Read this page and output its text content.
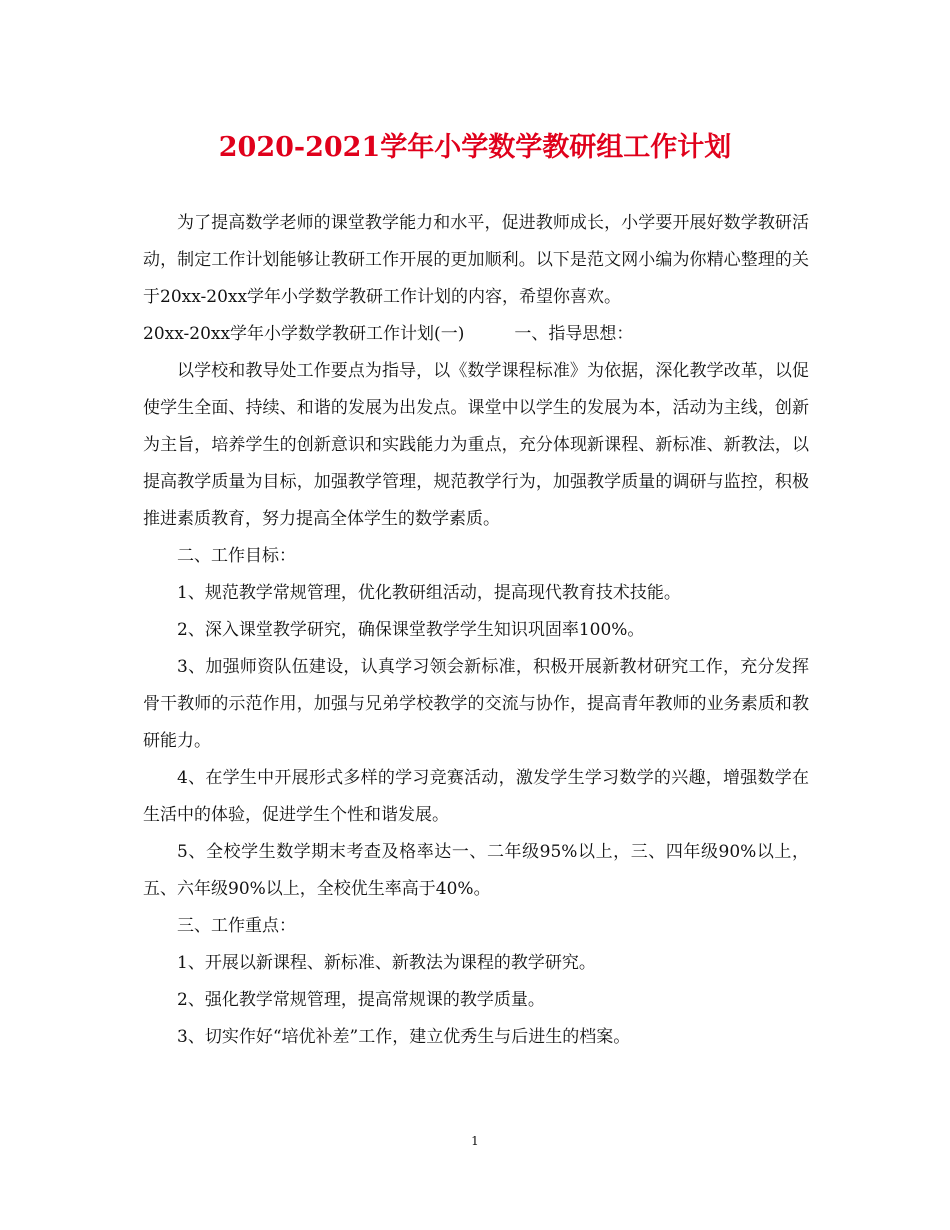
2020-2021学年小学数学教研组工作计划

为了提高数学老师的课堂教学能力和水平，促进教师成长，小学要开展好数学教研活动，制定工作计划能够让教研工作开展的更加顺利。以下是范文网小编为你精心整理的关于20xx-20xx学年小学数学教研工作计划的内容，希望你喜欢。

20xx-20xx学年小学数学教研工作计划(一)	一、指导思想：

以学校和教导处工作要点为指导，以《数学课程标准》为依据，深化教学改革，以促使学生全面、持续、和谐的发展为出发点。课堂中以学生的发展为本，活动为主线，创新为主旨，培养学生的创新意识和实践能力为重点，充分体现新课程、新标准、新教法，以提高教学质量为目标，加强教学管理，规范教学行为，加强教学质量的调研与监控，积极推进素质教育，努力提高全体学生的数学素质。

二、工作目标：

1、规范教学常规管理，优化教研组活动，提高现代教育技术技能。

2、深入课堂教学研究，确保课堂教学学生知识巩固率100%。

3、加强师资队伍建设，认真学习领会新标准，积极开展新教材研究工作，充分发挥骨干教师的示范作用，加强与兄弟学校教学的交流与协作，提高青年教师的业务素质和教研能力。

4、在学生中开展形式多样的学习竞赛活动，激发学生学习数学的兴趣，增强数学在生活中的体验，促进学生个性和谐发展。

5、全校学生数学期末考查及格率达一、二年级95%以上，三、四年级90%以上，五、六年级90%以上，全校优生率高于40%。

三、工作重点：

1、开展以新课程、新标准、新教法为课程的教学研究。

2、强化教学常规管理，提高常规课的教学质量。

3、切实作好“培优补差”工作，建立优秀生与后进生的档案。

1
